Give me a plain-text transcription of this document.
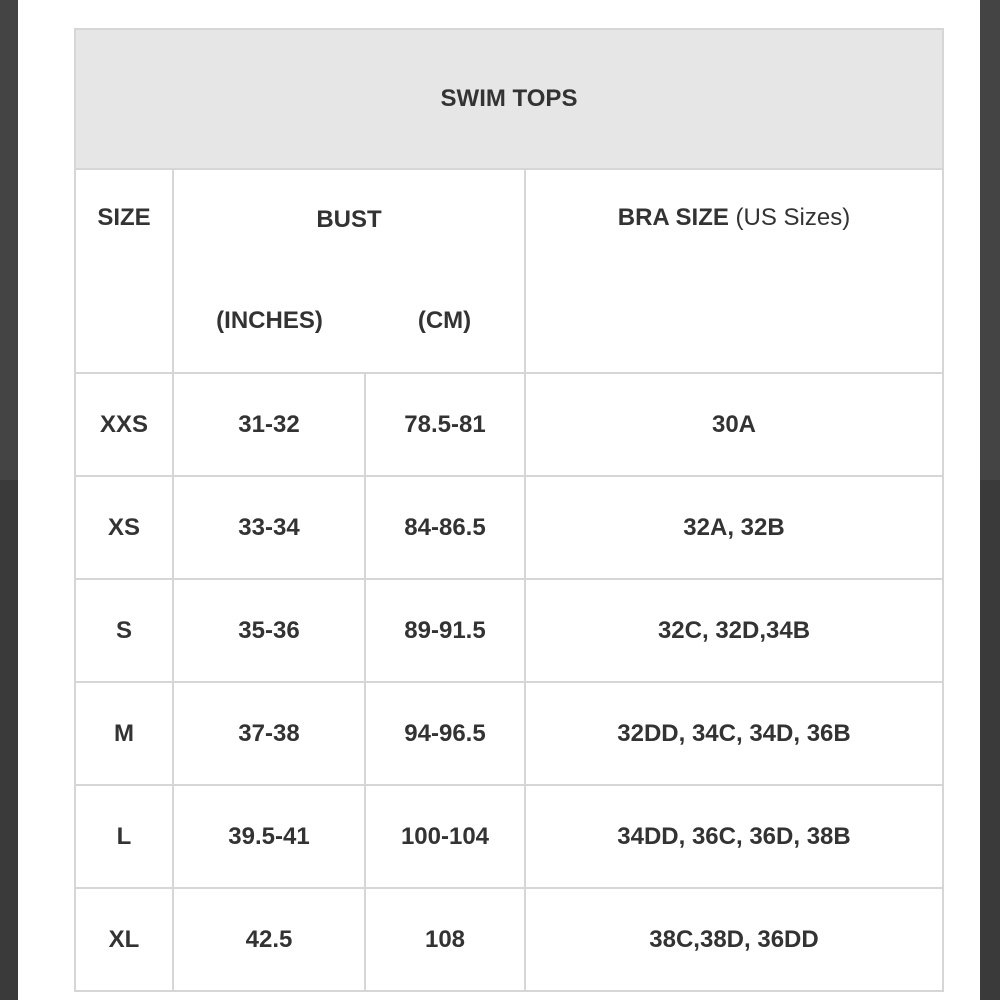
SWIM TOPS			

SIZE	BUST		BRA SIZE (US Sizes)

	(INCHES)	(CM)	
XXS	31-32	78.5-81	30A
XS	33-34	84-86.5	32A, 32B
S	35-36	89-91.5	32C, 32D,34B
M	37-38	94-96.5	32DD, 34C, 34D, 36B
L	39.5-41	100-104	34DD, 36C, 36D, 38B
XL	42.5	108	38C,38D, 36DD
